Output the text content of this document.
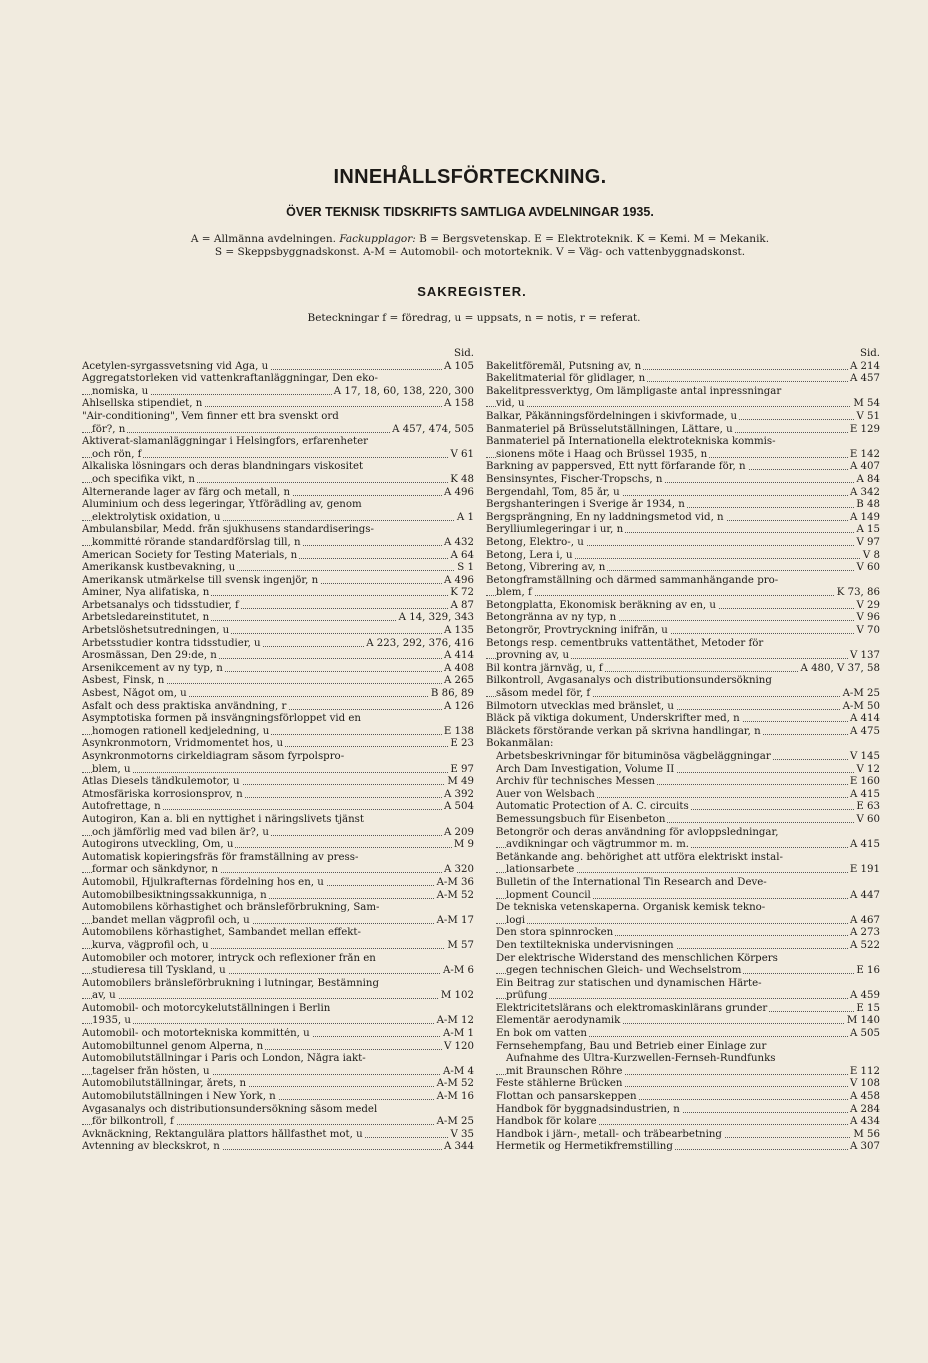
INNEHÅLLSFÖRTECKNING.
ÖVER TEKNISK TIDSKRIFTS SAMTLIGA AVDELNINGAR 1935.
A = Allmänna avdelningen. Fackupplagor: B = Bergsvetenskap. E = Elektroteknik. K = Kemi. M = Mekanik.
S = Skeppsbyggnadskonst. A-M = Automobil- och motorteknik. V = Väg- och vattenbyggnadskonst.
SAKREGISTER.
Beteckningar f = föredrag, u = uppsats, n = notis, r = referat.
Sid.
Acetylen-syrgassvetsning vid Aga, u	A 105
Aggregatstorleken vid vattenkraftanläggningar, Den eko-
nomiska, u	A 17, 18, 60, 138, 220, 300
Ahlsellska stipendiet, n	A 158
"Air-conditioning", Vem finner ett bra svenskt ord
för?, n	A 457, 474, 505
Aktiverat-slamanläggningar i Helsingfors, erfarenheter
och rön, f	V 61
Alkaliska lösningars och deras blandningars viskositet
och specifika vikt, n	K 48
Alternerande lager av färg och metall, n	A 496
Aluminium och dess legeringar, Ytförädling av, genom
elektrolytisk oxidation, u	A 1
Ambulansbilar, Medd. från sjukhusens standardiserings-
kommitté rörande standardförslag till, n	A 432
American Society for Testing Materials, n	A 64
Amerikansk kustbevakning, u	S 1
Amerikansk utmärkelse till svensk ingenjör, n	A 496
Aminer, Nya alifatiska, n	K 72
Arbetsanalys och tidsstudier, f	A 87
Arbetsledareinstitutet, n	A 14, 329, 343
Arbetslöshetsutredningen, u	A 135
Arbetsstudier kontra tidsstudier, u	A 223, 292, 376, 416
Arosmässan, Den 29:de, n	A 414
Arsenikcement av ny typ, n	A 408
Asbest, Finsk, n	A 265
Asbest, Något om, u	B 86, 89
Asfalt och dess praktiska användning, r	A 126
Asymptotiska formen på insvängningsförloppet vid en
homogen rationell kedjeledning, u	E 138
Asynkronmotorn, Vridmomentet hos, u	E 23
Asynkronmotorns cirkeldiagram såsom fyrpolspro-
blem, u	E 97
Atlas Diesels tändkulemotor, u	M 49
Atmosfäriska korrosionsprov, n	A 392
Autofrettage, n	A 504
Autogiron, Kan a. bli en nyttighet i näringslivets tjänst
och jämförlig med vad bilen är?, u	A 209
Autogirons utveckling, Om, u	M 9
Automatisk kopieringsfräs för framställning av press-
formar och sänkdynor, n	A 320
Automobil, Hjulkrafternas fördelning hos en, u	A-M 36
Automobilbesiktningssakkunniga, n	A-M 52
Automobilens körhastighet och bränsleförbrukning, Sam-
bandet mellan vägprofil och, u	A-M 17
Automobilens körhastighet, Sambandet mellan effekt-
kurva, vägprofil och, u	M 57
Automobiler och motorer, intryck och reflexioner från en
studieresa till Tyskland, u	A-M 6
Automobilers bränsleförbrukning i lutningar, Bestämning
av, u	M 102
Automobil- och motorcykelutställningen i Berlin
1935, u	A-M 12
Automobil- och motortekniska kommittén, u	A-M 1
Automobiltunnel genom Alperna, n	V 120
Automobilutställningar i Paris och London, Några iakt-
tagelser från hösten, u	A-M 4
Automobilutställningar, årets, n	A-M 52
Automobilutställningen i New York, n	A-M 16
Avgasanalys och distributionsundersökning såsom medel
för bilkontroll, f	A-M 25
Avknäckning, Rektangulära plattors hållfasthet mot, u	V 35
Avtenning av bleckskrot, n	A 344
Sid.
Bakelitföremål, Putsning av, n	A 214
Bakelitmaterial för glidlager, n	A 457
Bakelitpressverktyg, Om lämpligaste antal inpressningar
vid, u	M 54
Balkar, Påkänningsfördelningen i skivformade, u	V 51
Banmateriel på Brüsselutställningen, Lättare, u	E 129
Banmateriel på Internationella elektrotekniska kommis-
sionens möte i Haag och Brüssel 1935, n	E 142
Barkning av pappersved, Ett nytt förfarande för, n	A 407
Bensinsyntes, Fischer-Tropschs, n	A 84
Bergendahl, Tom, 85 år, u	A 342
Bergshanteringen i Sverige år 1934, n	B 48
Bergsprängning, En ny laddningsmetod vid, n	A 149
Berylliumlegeringar i ur, n	A 15
Betong, Elektro-, u	V 97
Betong, Lera i, u	V 8
Betong, Vibrering av, n	V 60
Betongframställning och därmed sammanhängande pro-
blem, f	K 73, 86
Betongplatta, Ekonomisk beräkning av en, u	V 29
Betongränna av ny typ, n	V 96
Betongrör, Provtryckning inifrån, u	V 70
Betongs resp. cementbruks vattentäthet, Metoder för
provning av, u	V 137
Bil kontra järnväg, u, f	A 480, V 37, 58
Bilkontroll, Avgasanalys och distributionsundersökning
såsom medel för, f	A-M 25
Bilmotorn utvecklas med bränslet, u	A-M 50
Bläck på viktiga dokument, Underskrifter med, n	A 414
Bläckets förstörande verkan på skrivna handlingar, n	A 475
Bokanmälan:
Arbetsbeskrivningar för bituminösa vägbeläggningar	V 145
Arch Dam Investigation, Volume II	V 12
Archiv für technisches Messen	E 160
Auer von Welsbach	A 415
Automatic Protection of A. C. circuits	E 63
Bemessungsbuch für Eisenbeton	V 60
Betongrör och deras användning för avloppsledningar,
avdikningar och vägtrummor m. m.	A 415
Betänkande ang. behörighet att utföra elektriskt instal-
lationsarbete	E 191
Bulletin of the International Tin Research and Deve-
lopment Council	A 447
De tekniska vetenskaperna. Organisk kemisk tekno-
logi	A 467
Den stora spinnrocken	A 273
Den textiltekniska undervisningen	A 522
Der elektrische Widerstand des menschlichen Körpers
gegen technischen Gleich- und Wechselstrom	E 16
Ein Beitrag zur statischen und dynamischen Härte-
prüfung	A 459
Elektricitetslärans och elektromaskinlärans grunder	E 15
Elementär aerodynamik	M 140
En bok om vatten	A 505
Fernsehempfang, Bau und Betrieb einer Einlage zur
Aufnahme des Ultra-Kurzwellen-Fernseh-Rundfunks
mit Braunschen Röhre	E 112
Feste stählerne Brücken	V 108
Flottan och pansarskeppen	A 458
Handbok för byggnadsindustrien, n	A 284
Handbok för kolare	A 434
Handbok i järn-, metall- och träbearbetning	M 56
Hermetik og Hermetikfremstilling	A 307
